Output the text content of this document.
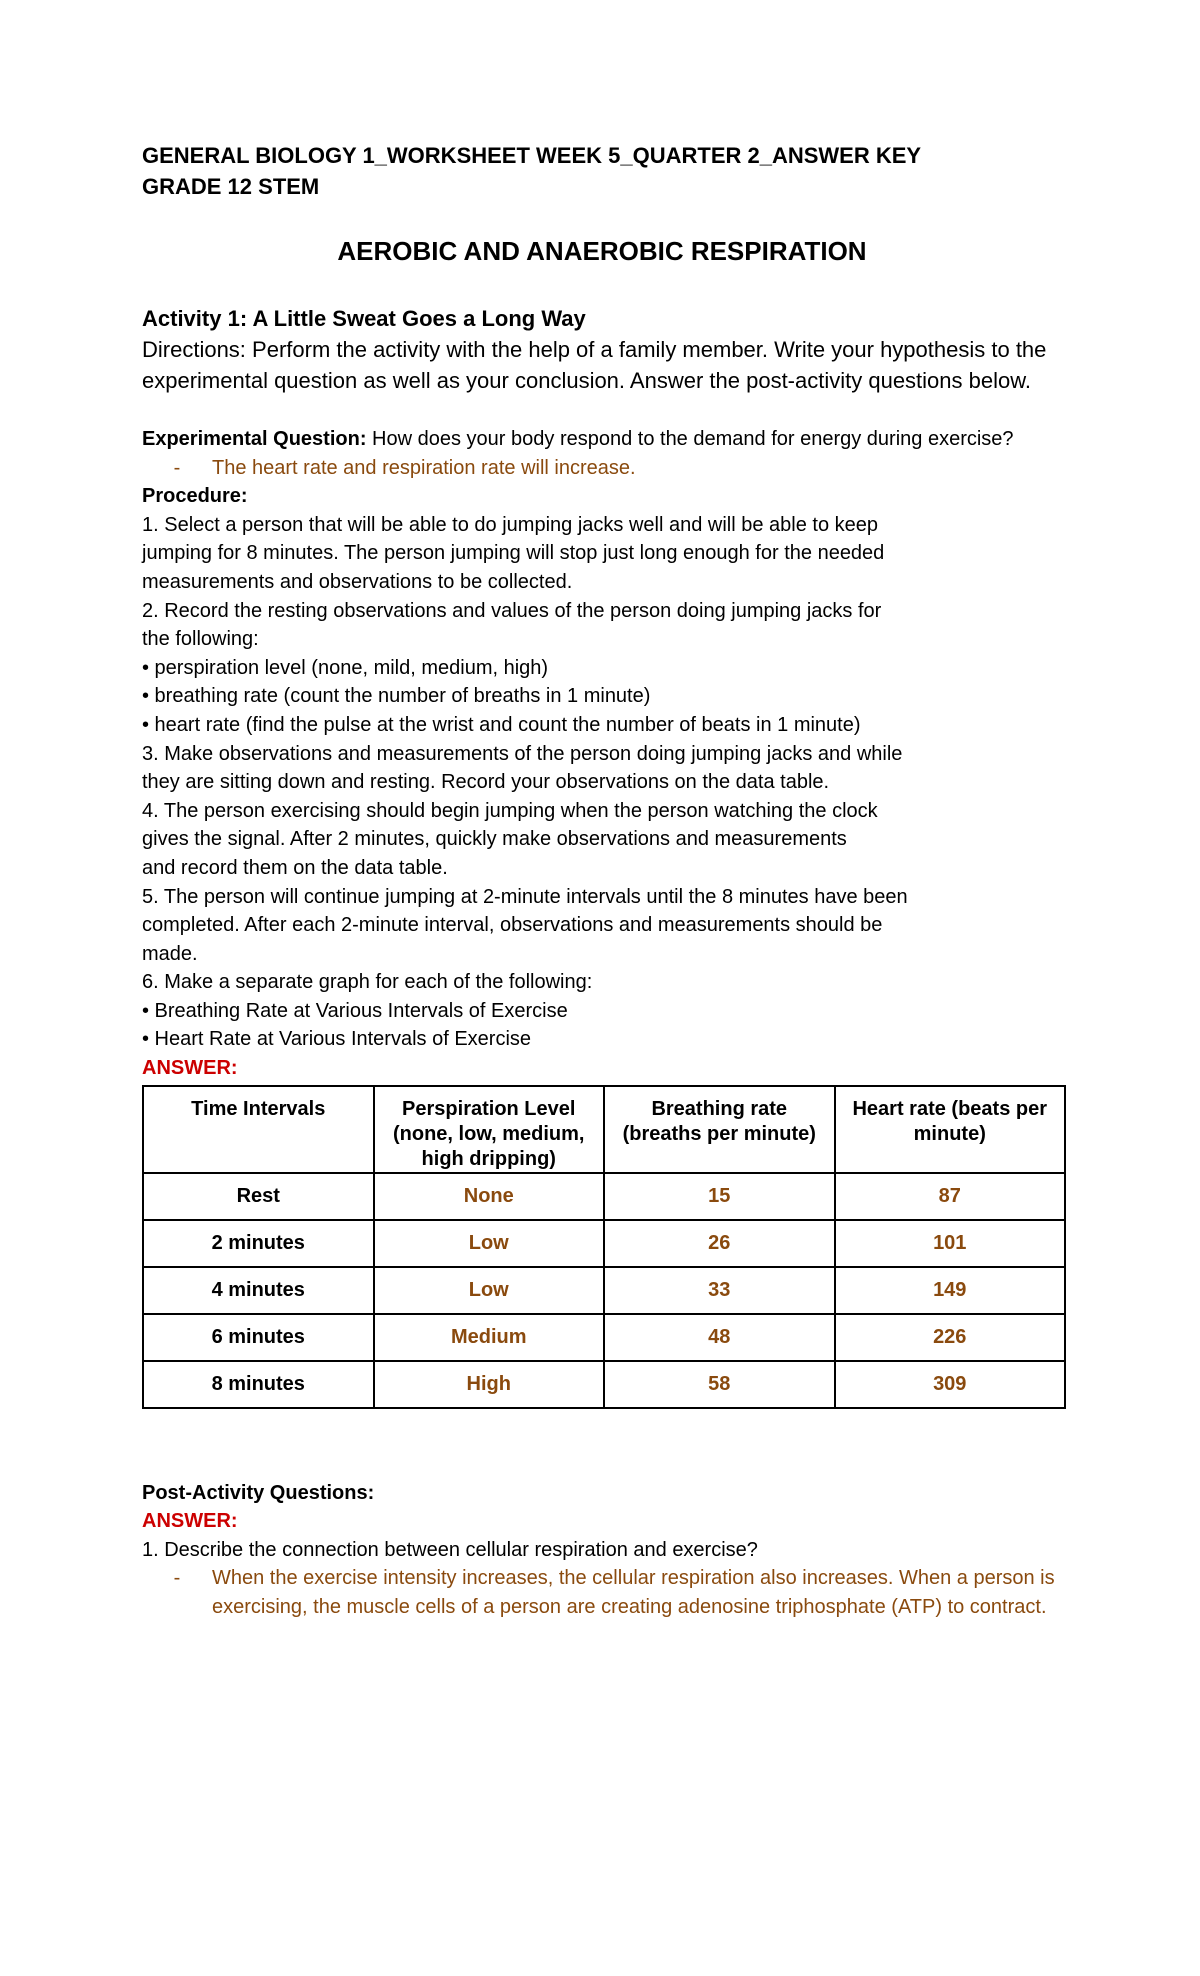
GENERAL BIOLOGY 1_WORKSHEET WEEK 5_QUARTER 2_ANSWER KEY

GRADE 12 STEM

AEROBIC AND ANAEROBIC RESPIRATION
Activity 1: A Little Sweat Goes a Long Way

Directions: Perform the activity with the help of a family member. Write your hypothesis to the experimental question as well as your conclusion. Answer the post-activity questions below.

Experimental Question: How does your body respond to the demand for energy during exercise?

-	The heart rate and respiration rate will increase.

Procedure:

1. Select a person that will be able to do jumping jacks well and will be able to keep

jumping for 8 minutes. The person jumping will stop just long enough for the needed

measurements and observations to be collected.

2. Record the resting observations and values of the person doing jumping jacks for

the following:

• perspiration level (none, mild, medium, high)

• breathing rate (count the number of breaths in 1 minute)

• heart rate (find the pulse at the wrist and count the number of beats in 1 minute)

3. Make observations and measurements of the person doing jumping jacks and while

they are sitting down and resting. Record your observations on the data table.

4. The person exercising should begin jumping when the person watching the clock

gives the signal. After 2 minutes, quickly make observations and measurements

and record them on the data table.

5. The person will continue jumping at 2-minute intervals until the 8 minutes have been

completed. After each 2-minute interval, observations and measurements should be

made.

6. Make a separate graph for each of the following:

• Breathing Rate at Various Intervals of Exercise

• Heart Rate at Various Intervals of Exercise

ANSWER:

Time Intervals	Perspiration Level (none, low, medium, high dripping)	Breathing rate (breaths per minute)	Heart rate (beats per minute)
Rest	None	15	87
2 minutes	Low	26	101
4 minutes	Low	33	149
6 minutes	Medium	48	226
8 minutes	High	58	309

Post-Activity Questions:

ANSWER:

1. Describe the connection between cellular respiration and exercise?

-	When the exercise intensity increases, the cellular respiration also increases. When a person is exercising, the muscle cells of a person are creating adenosine triphosphate (ATP) to contract.
